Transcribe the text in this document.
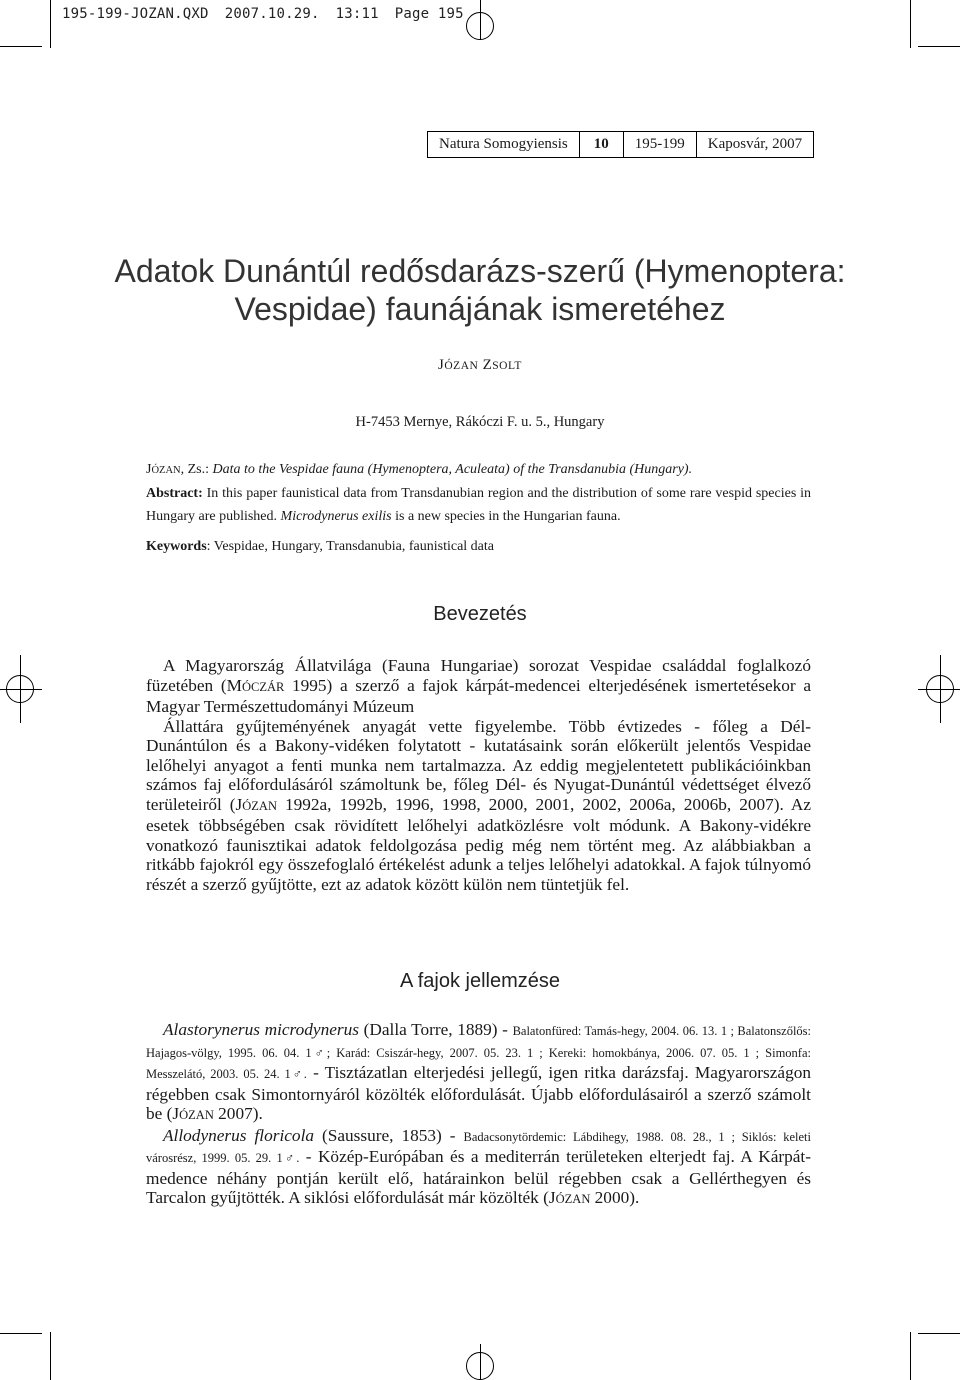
195-199-JOZAN.QXD 2007.10.29. 13:11 Page 195
Natura Somogyiensis	10	195-199	Kaposvár, 2007
Adatok Dunántúl redősdarázs-szerű (Hymenoptera:
Vespidae) faunájának ismeretéhez
JÓZAN ZSOLT
H-7453 Mernye, Rákóczi F. u. 5., Hungary
JÓZAN, Zs.: Data to the Vespidae fauna (Hymenoptera, Aculeata) of the Transdanubia (Hungary).
Abstract: In this paper faunistical data from Transdanubian region and the distribution of some rare vespid species in Hungary are published. Microdynerus exilis is a new species in the Hungarian fauna.
Keywords: Vespidae, Hungary, Transdanubia, faunistical data
Bevezetés

A Magyarország Állatvilága (Fauna Hungariae) sorozat Vespidae családdal foglalkozó füzetében (MÓCZÁR 1995) a szerző a fajok kárpát-medencei elterjedésének ismertetésekor a Magyar Természettudományi Múzeum

Állattára gyűjteményének anyagát vette figyelembe. Több évtizedes - főleg a Dél-Dunántúlon és a Bakony-vidéken folytatott - kutatásaink során előkerült jelentős Vespidae lelőhelyi anyagot a fenti munka nem tartalmazza. Az eddig megjelentetett publikációinkban számos faj előfordulásáról számoltunk be, főleg Dél- és Nyugat-Dunántúl védettséget élvező területeiről (JÓZAN 1992a, 1992b, 1996, 1998, 2000, 2001, 2002, 2006a, 2006b, 2007). Az esetek többségében csak rövidített lelőhelyi adatközlésre volt módunk. A Bakony-vidékre vonatkozó faunisztikai adatok feldolgozása pedig még nem történt meg. Az alábbiakban a ritkább fajokról egy összefoglaló értékelést adunk a teljes lelőhelyi adatokkal. A fajok túlnyomó részét a szerző gyűjtötte, ezt az adatok között külön nem tüntetjük fel.

A fajok jellemzése

Alastorynerus microdynerus (Dalla Torre, 1889) - Balatonfüred: Tamás-hegy, 2004. 06. 13. 1 ; Balatonszőlős: Hajagos-völgy, 1995. 06. 04. 1♂; Karád: Csiszár-hegy, 2007. 05. 23. 1 ; Kereki: homokbánya, 2006. 07. 05. 1 ; Simonfa: Messzelátó, 2003. 05. 24. 1♂. - Tisztázatlan elterjedési jellegű, igen ritka darázsfaj. Magyarországon régebben csak Simontornyáról közölték előfordulását. Újabb előfordulásairól a szerző számolt be (JÓZAN 2007).

Allodynerus floricola (Saussure, 1853) - Badacsonytördemic: Lábdihegy, 1988. 08. 28., 1 ; Siklós: keleti városrész, 1999. 05. 29. 1♂. - Közép-Európában és a mediterrán területeken elterjedt faj. A Kárpát-medence néhány pontján került elő, határainkon belül régebben csak a Gellérthegyen és Tarcalon gyűjtötték. A siklósi előfordulását már közölték (JÓZAN 2000).
